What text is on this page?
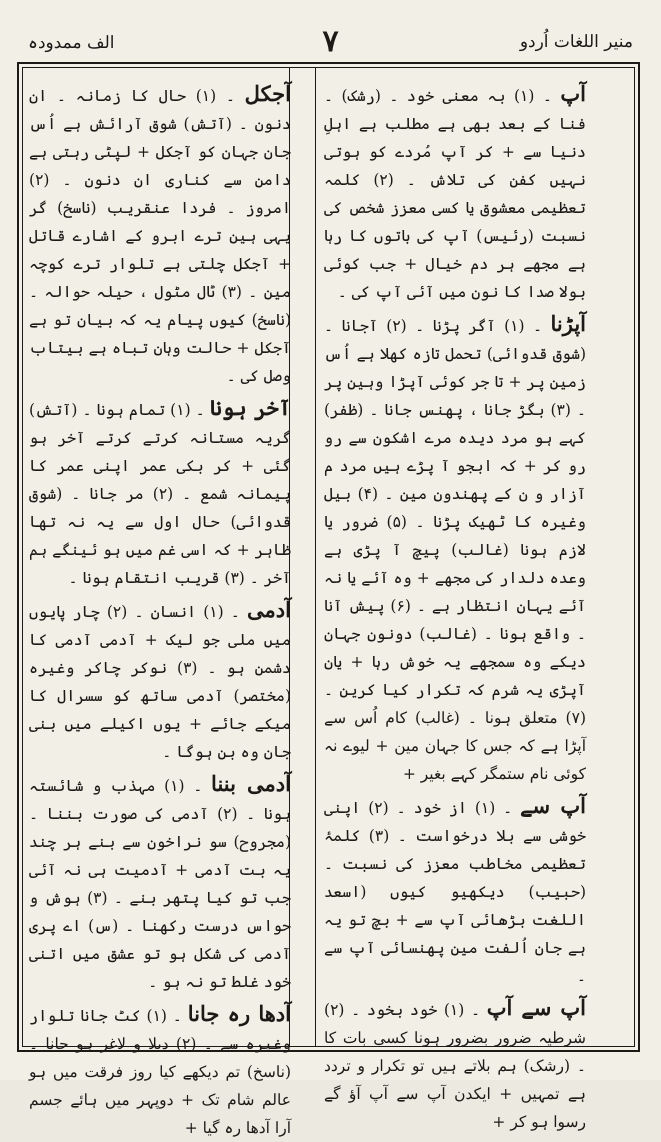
منیر اللغات اُردو
۷
الف ممدودہ

آپ ۔ (۱) بہ معنی خود ۔ (رشک) ۔ فنا کے بعد بھی ہے مطلب ہے اہلِ دنیا سے + کر آپ مُردے کو ہوتی نہیں کفن کی تلاش ۔ (۲) کلمہ تعظیمی معشوق یا کسی معزز شخص کی نسبت (رئیس) آپ کی باتوں کا رہا ہے مجھے ہر دم خیال + جب کوئی بولا صدا کا نون میں آئی آپ کی ۔

آپڑنا ۔ (۱) آگر پڑنا ۔ (۲) آجانا ۔ (شوق قدوائی) تحمل تازہ کھلا ہے اُس زمین پر + تا جر کوئی آپڑا وہین پر ۔ (۳) بگڑ جانا ، پھنس جانا ۔ (ظفر) کہے ہو مرد دیدہ مرے اشکون سے رو رو کر + کہ ابجو آ پڑے ہیں مرد م آزار و ن کے پھندون مین ۔ (۴) بیل وغیرہ کا ٹھیک پڑنا ۔ (۵) ضرور یا لازم ہونا (غالب) پیچ آ پڑی ہے وعدہ دلدار کی مجھے + وہ آئے یا نہ آئے یہان انتظار ہے ۔ (۶) پیش آنا ۔ واقع ہونا ۔ (غالب) دونون جہان دیکے وہ سمجھے یہ خوش رہا + یان آپڑی یہ شرم کہ تکرار کیا کرین ۔ (۷) متعلق ہونا ۔ (غالب) کام اُس سے آپڑا ہے کہ جس کا جہان مین + لیوے نہ کوئی نام ستمگر کہے بغیر +

آپ سے ۔ (۱) از خود ۔ (۲) اپنی خوشی سے بلا درخواست ۔ (۳) کلمۂ تعظیمی مخاطب معزز کی نسبت ۔ (حبیب) دیکھیو کیوں (اسعد اللغت بڑھائی آپ سے + بچ تو یہ ہے جان اُلفت مین پھنسائی آپ سے ۔

آپ سے آپ ۔ (۱) خود بخود ۔ (۲) شرطیہ ضرور بضرور ہونا کسی بات کا ۔ (رشک) ہم بلاتے ہیں تو تکرار و تردد ہے تمہیں + ایکدن آپ سے آپ آؤ گے رسوا ہو کر +

آجکل ۔ (۱) حال کا زمانہ ۔ ان دنون ۔ (آتش) شوق آرائش ہے اُس جان جہان کو آجکل + لپٹی رہتی ہے دامن سے کناری ان دنون ۔ (۲) امروز ۔ فردا عنقریب (ناسخ) گر یہی ہین ترے ابرو کے اشارے قاتل + آجکل چلتی ہے تلوار ترے کوچہ مین ۔ (۳) ٹال مٹول ، حیلہ حوالہ ۔ (ناسخ) کیوں پیام یہ کہ بیان تو ہے آجکل + حالت وہان تباہ ہے بیتاب وصل کی ۔

آخر ہونا ۔ (۱) تمام ہونا ۔ (آتش) گریہ مستانہ کرتے کرتے آخر ہو گئی + کر بکی عمر اپنی عمر کا پیمانہ شمع ۔ (۲) مر جانا ۔ (شوق قدوائی) حال اول سے یہ نہ تھا ظاہر + کہ اسی غم میں ہو ئینگے ہم آخر ۔ (۳) قریب انتقام ہونا ۔

آدمی ۔ (۱) انسان ۔ (۲) چار پایوں میں ملی جو لیک + آدمی آدمی کا دشمن ہو ۔ (۳) نوکر چاکر وغیرہ (مختصر) آدمی ساتھ کو سسرال کا میکے جائے + یوں اکیلے میں بنی جان وہ بن ہوگا ۔

آدمی بننا ۔ (۱) مہذب و شائستہ ہونا ۔ (۲) آدمی کی صورت بننا ۔ (مجروح) سو نراخون سے بنے ہر چند یہ بت آدمی + آدمیت ہی نہ آئی جب تو کیا پتھر بنے ۔ (۳) ہوش و حواس درست رکھنا ۔ (س) اے پری آدمی کی شکل ہو تو عشق میں اتنی خود غلط تو نہ ہو ۔

آدھا رہ جانا ۔ (۱) کٹ جانا تلوار وغیرہ سے ۔ (۲) دبلا و لاغر ہو جانا ۔ (ناسخ) تم دیکھے کیا روز فرقت میں ہو عالم شام تک + دوپہر میں ہائے جسم آرا آدھا رہ گیا +
